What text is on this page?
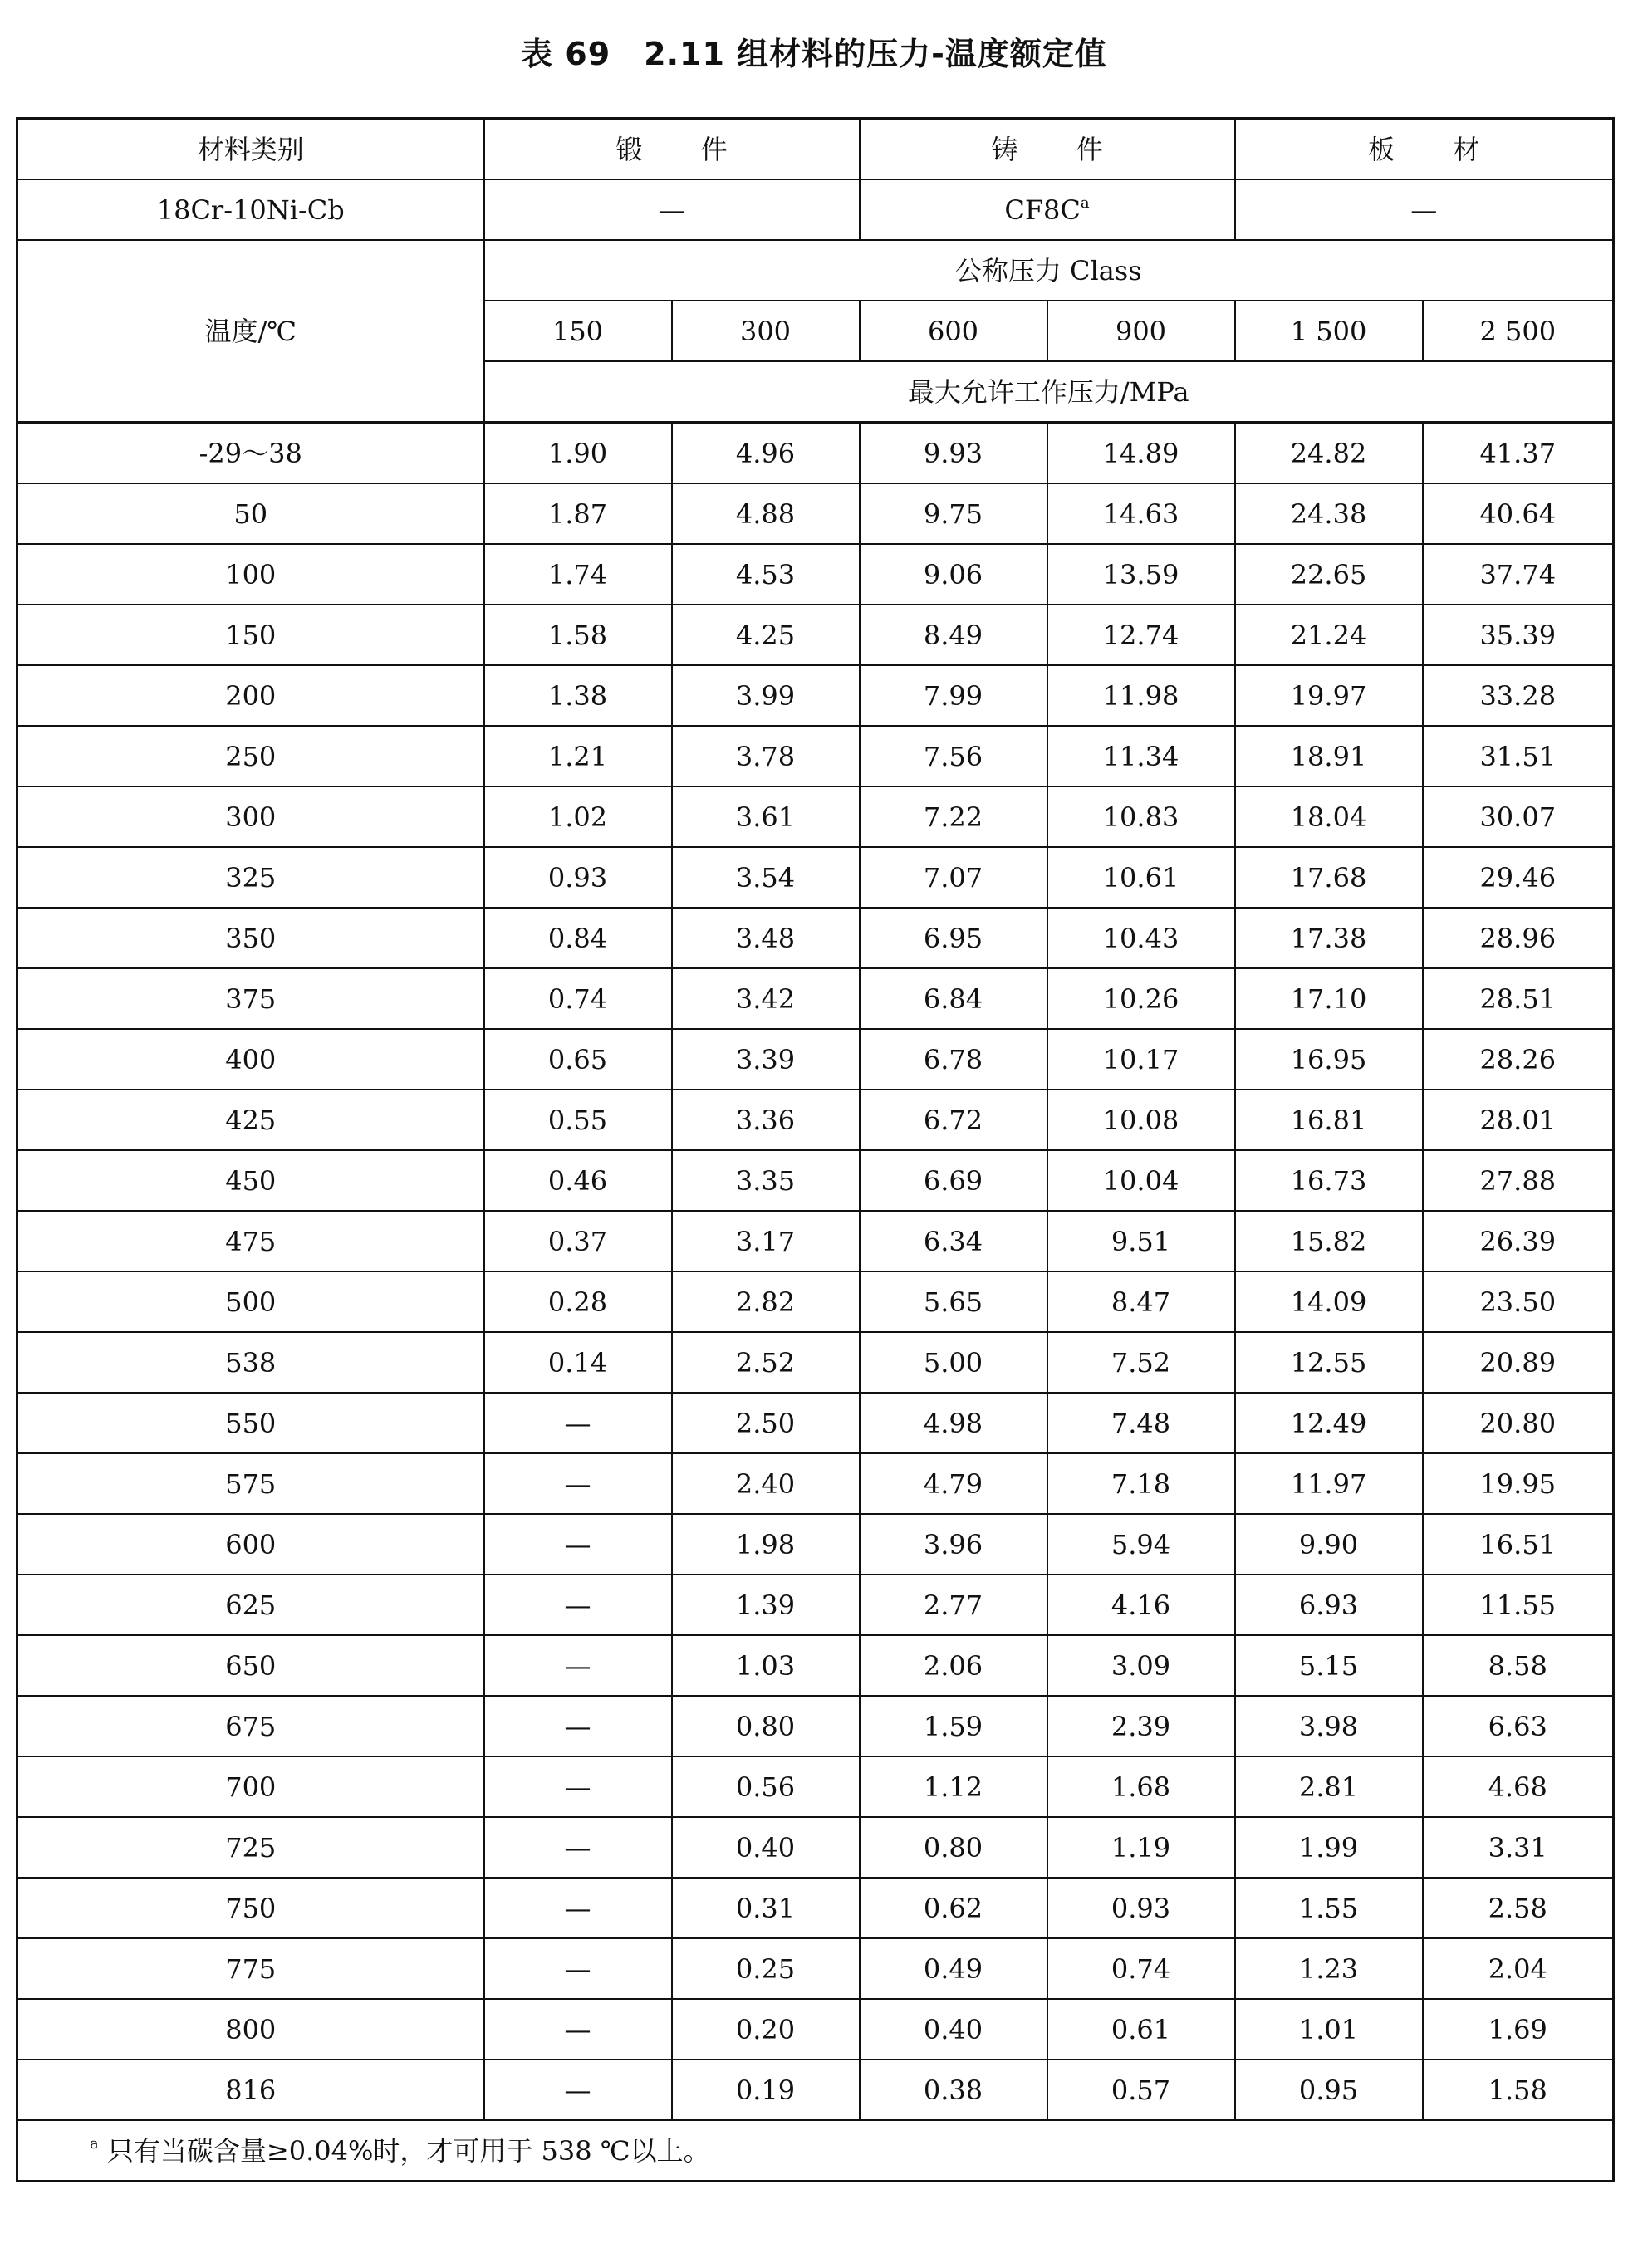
表 69 2.11 组材料的压力-温度额定值
材料类别	锻 件		铸 件		板 材	
18Cr-10Ni-Cb	—		$CF8C^a$		—	
温度/℃	公称压力 Class					
	150	300	600	900	1 500	2 500
	最大允许工作压力/MPa					
-29～38	1.90	4.96	9.93	14.89	24.82	41.37
50	1.87	4.88	9.75	14.63	24.38	40.64
100	1.74	4.53	9.06	13.59	22.65	37.74
150	1.58	4.25	8.49	12.74	21.24	35.39
200	1.38	3.99	7.99	11.98	19.97	33.28
250	1.21	3.78	7.56	11.34	18.91	31.51
300	1.02	3.61	7.22	10.83	18.04	30.07
325	0.93	3.54	7.07	10.61	17.68	29.46
350	0.84	3.48	6.95	10.43	17.38	28.96
375	0.74	3.42	6.84	10.26	17.10	28.51
400	0.65	3.39	6.78	10.17	16.95	28.26
425	0.55	3.36	6.72	10.08	16.81	28.01
450	0.46	3.35	6.69	10.04	16.73	27.88
475	0.37	3.17	6.34	9.51	15.82	26.39
500	0.28	2.82	5.65	8.47	14.09	23.50
538	0.14	2.52	5.00	7.52	12.55	20.89
550	—	2.50	4.98	7.48	12.49	20.80
575	—	2.40	4.79	7.18	11.97	19.95
600	—	1.98	3.96	5.94	9.90	16.51
625	—	1.39	2.77	4.16	6.93	11.55
650	—	1.03	2.06	3.09	5.15	8.58
675	—	0.80	1.59	2.39	3.98	6.63
700	—	0.56	1.12	1.68	2.81	4.68
725	—	0.40	0.80	1.19	1.99	3.31
750	—	0.31	0.62	0.93	1.55	2.58
775	—	0.25	0.49	0.74	1.23	2.04
800	—	0.20	0.40	0.61	1.01	1.69
816	—	0.19	0.38	0.57	0.95	1.58
$^a$ 只有当碳含量≥0.04%时，才可用于 538 ℃以上。						
